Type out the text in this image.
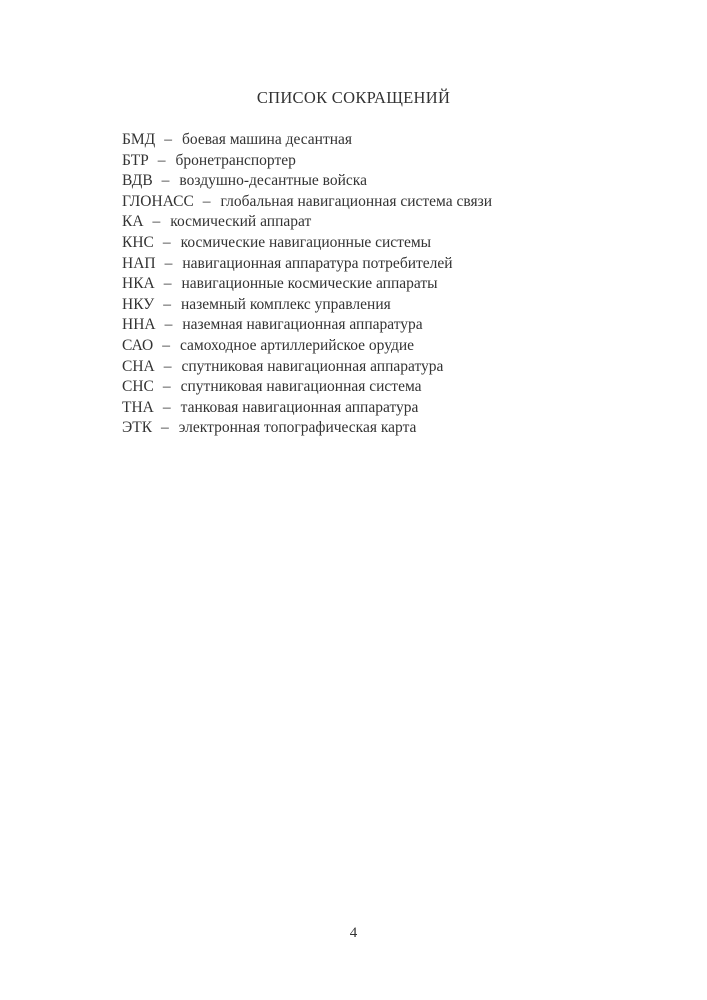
СПИСОК СОКРАЩЕНИЙ
БМД – боевая машина десантная
БТР – бронетранспортер
ВДВ – воздушно-десантные войска
ГЛОНАСС – глобальная навигационная система связи
КА – космический аппарат
КНС – космические навигационные системы
НАП – навигационная аппаратура потребителей
НКА – навигационные космические аппараты
НКУ – наземный комплекс управления
ННА – наземная навигационная аппаратура
САО – самоходное артиллерийское орудие
СНА – спутниковая навигационная аппаратура
СНС – спутниковая навигационная система
ТНА – танковая навигационная аппаратура
ЭТК – электронная топографическая карта
4
